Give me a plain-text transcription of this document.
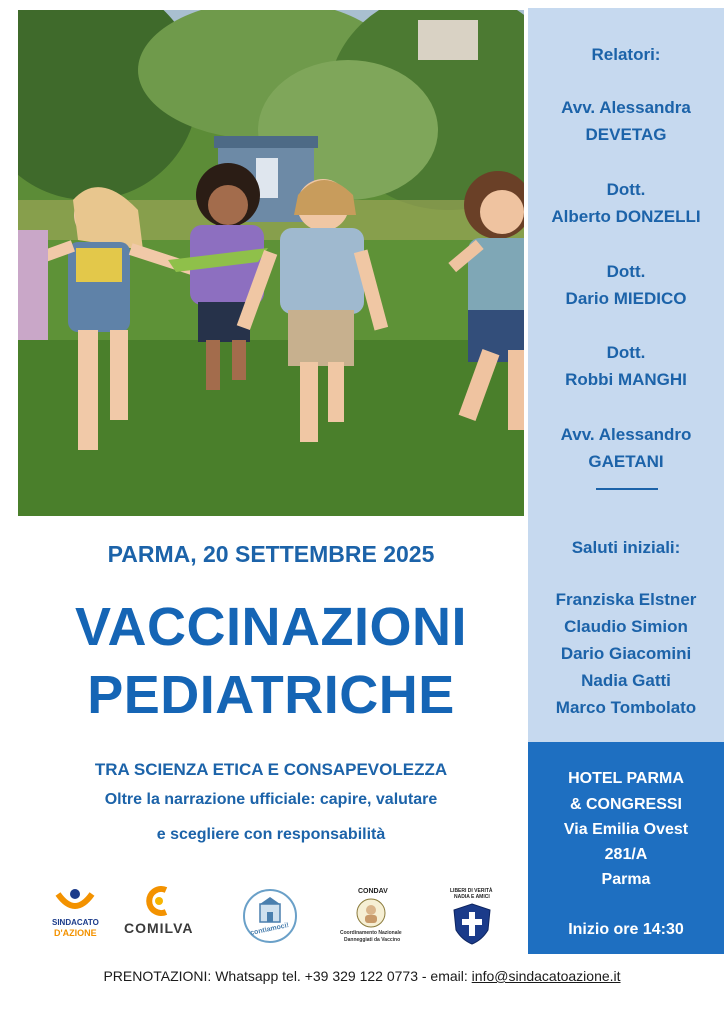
Relatori:
Avv. Alessandra
DEVETAG
Dott.
Alberto DONZELLI
Dott.
Dario MIEDICO
Dott.
Robbi MANGHI
Avv. Alessandro
GAETANI
Saluti iniziali:
Franziska Elstner
Claudio Simion
Dario Giacomini
Nadia Gatti
Marco Tombolato
HOTEL PARMA
& CONGRESSI
Via Emilia Ovest
281/A
Parma
Inizio ore 14:30
PARMA, 20 SETTEMBRE 2025
VACCINAZIONI
PEDIATRICHE
TRA SCIENZA ETICA E CONSAPEVOLEZZA
Oltre la narrazione ufficiale: capire, valutare
e scegliere con responsabilità
SINDACATO
D'AZIONE COMILVA	contiamoci!
CONDAV
Coordinamento Nazionale
Danneggiati da Vaccino
LIBERI DI VERITÀ
NADIA E AMICI
PRENOTAZIONI: Whatsapp tel. +39 329 122 0773 - email: info@sindacatoazione.it
